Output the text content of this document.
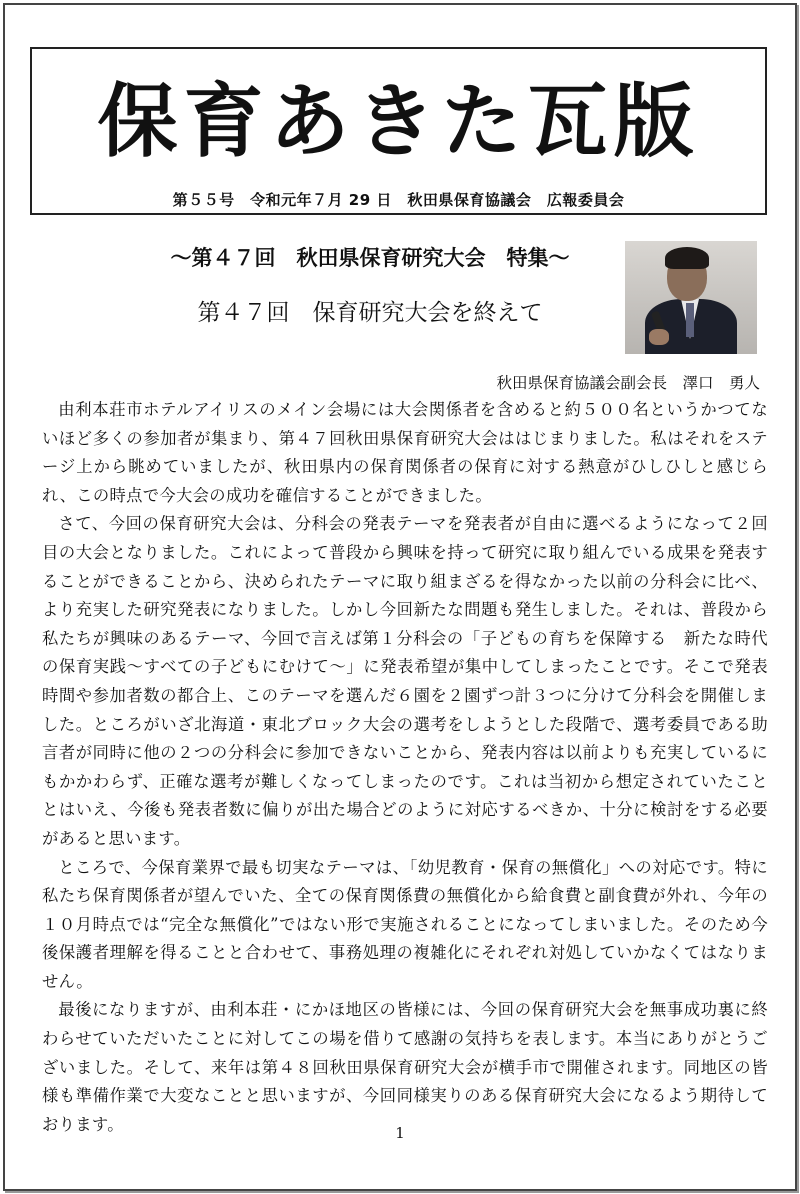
保育あきた瓦版
第５５号　令和元年７月 29 日　秋田県保育協議会　広報委員会
～第４７回　秋田県保育研究大会　特集～
第４７回　保育研究大会を終えて
秋田県保育協議会副会長　澤口　勇人

由利本荘市ホテルアイリスのメイン会場には大会関係者を含めると約５００名というかつてないほど多くの参加者が集まり、第４７回秋田県保育研究大会ははじまりました。私はそれをステージ上から眺めていましたが、秋田県内の保育関係者の保育に対する熱意がひしひしと感じられ、この時点で今大会の成功を確信することができました。

さて、今回の保育研究大会は、分科会の発表テーマを発表者が自由に選べるようになって２回目の大会となりました。これによって普段から興味を持って研究に取り組んでいる成果を発表することができることから、決められたテーマに取り組まざるを得なかった以前の分科会に比べ、より充実した研究発表になりました。しかし今回新たな問題も発生しました。それは、普段から私たちが興味のあるテーマ、今回で言えば第１分科会の「子どもの育ちを保障する　新たな時代の保育実践～すべての子どもにむけて～」に発表希望が集中してしまったことです。そこで発表時間や参加者数の都合上、このテーマを選んだ６園を２園ずつ計３つに分けて分科会を開催しました。ところがいざ北海道・東北ブロック大会の選考をしようとした段階で、選考委員である助言者が同時に他の２つの分科会に参加できないことから、発表内容は以前よりも充実しているにもかかわらず、正確な選考が難しくなってしまったのです。これは当初から想定されていたこととはいえ、今後も発表者数に偏りが出た場合どのように対応するべきか、十分に検討をする必要があると思います。

ところで、今保育業界で最も切実なテーマは、「幼児教育・保育の無償化」への対応です。特に私たち保育関係者が望んでいた、全ての保育関係費の無償化から給食費と副食費が外れ、今年の１０月時点では“完全な無償化”ではない形で実施されることになってしまいました。そのため今後保護者理解を得ることと合わせて、事務処理の複雑化にそれぞれ対処していかなくてはなりません。

最後になりますが、由利本荘・にかほ地区の皆様には、今回の保育研究大会を無事成功裏に終わらせていただいたことに対してこの場を借りて感謝の気持ちを表します。本当にありがとうございました。そして、来年は第４８回秋田県保育研究大会が横手市で開催されます。同地区の皆様も準備作業で大変なことと思いますが、今回同様実りのある保育研究大会になるよう期待しております。	1
